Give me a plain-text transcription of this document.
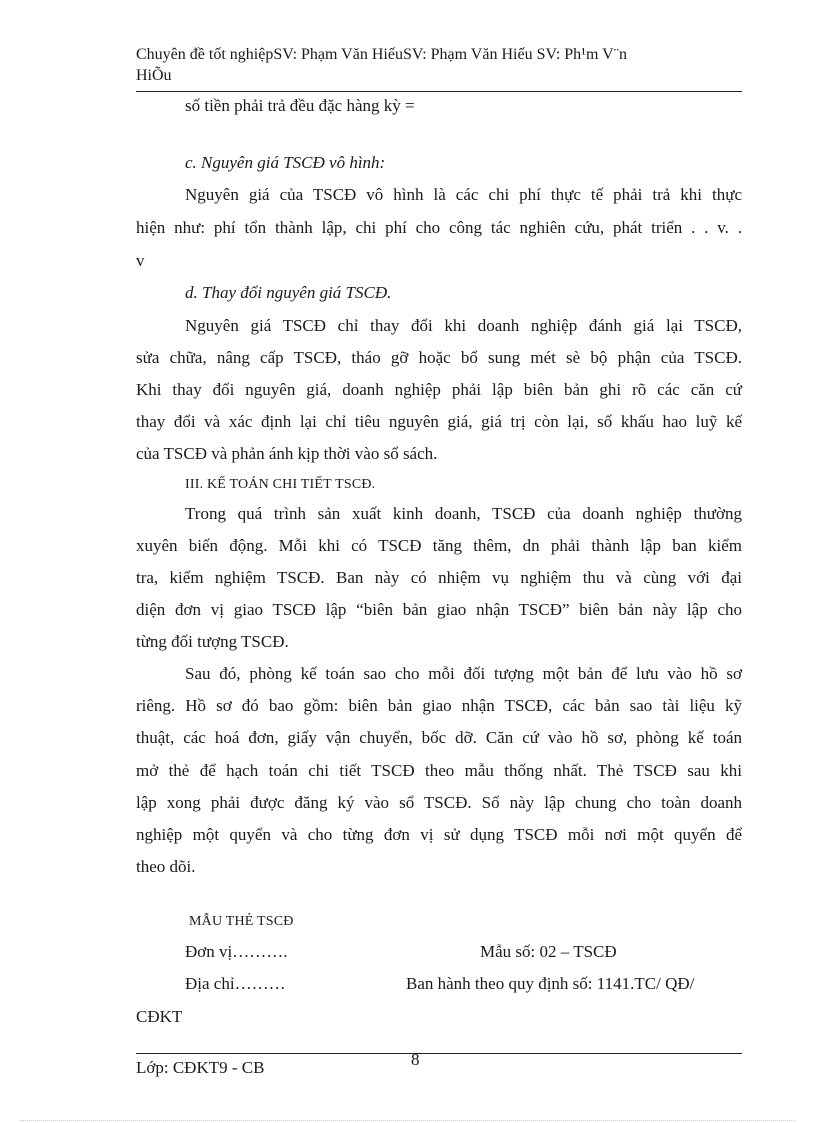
Chuyên đề tốt nghiệpSV: Phạm Văn HiếuSV: Phạm Văn Hiếu SV: Ph¹m V¨n
HiÕu
số tiền phải trả đều đặc hàng kỳ =
c. Nguyên giá TSCĐ vô hình:
Nguyên giá của TSCĐ vô hình là các chi phí thực tế phải trả khi thực
hiện như: phí tổn thành lập, chi phí cho công tác nghiên cứu, phát triển . . v. .
v
d. Thay đổi nguyên giá TSCĐ.
Nguyên giá TSCĐ chỉ thay đổi khi doanh nghiệp đánh giá lại TSCĐ,
sửa chữa, nâng cấp TSCĐ, tháo gỡ hoặc bổ sung mét sè bộ phận của TSCĐ.
Khi thay đổi nguyên giá, doanh nghiệp phải lập biên bản ghi rõ các căn cứ
thay đổi và xác định lại chỉ tiêu nguyên giá, giá trị còn lại, số khấu hao luỹ kế
của TSCĐ và phản ánh kịp thời vào sổ sách.
III. KẾ TOÁN CHI TIẾT TSCĐ.
Trong quá trình sản xuất kinh doanh, TSCĐ của doanh nghiệp thường
xuyên biến động. Mỗi khi có TSCĐ tăng thêm, dn phải thành lập ban kiểm
tra, kiểm nghiệm TSCĐ. Ban này có nhiệm vụ nghiệm thu và cùng với đại
diện đơn vị giao TSCĐ lập “biên bản giao nhận TSCĐ” biên bản này lập cho
từng đối tượng TSCĐ.
Sau đó, phòng kế toán sao cho mỗi đối tượng một bản để lưu vào hồ sơ
riêng. Hồ sơ đó bao gồm: biên bản giao nhận TSCĐ, các bản sao tài liệu kỹ
thuật, các hoá đơn, giấy vận chuyển, bốc dỡ. Căn cứ vào hồ sơ, phòng kế toán
mở thẻ để hạch toán chi tiết TSCĐ theo mẫu thống nhất. Thẻ TSCĐ sau khi
lập xong phải được đăng ký vào sổ TSCĐ. Sổ này lập chung cho toàn doanh
nghiệp một quyển và cho từng đơn vị sử dụng TSCĐ mỗi nơi một quyển để
theo dõi.
MẪU THẺ TSCĐ
Đơn vị……….	Mẫu số: 02 – TSCĐ
Địa chỉ………	Ban hành theo quy định số: 1141.TC/ QĐ/
CĐKT
8
Lớp: CĐKT9 - CB
